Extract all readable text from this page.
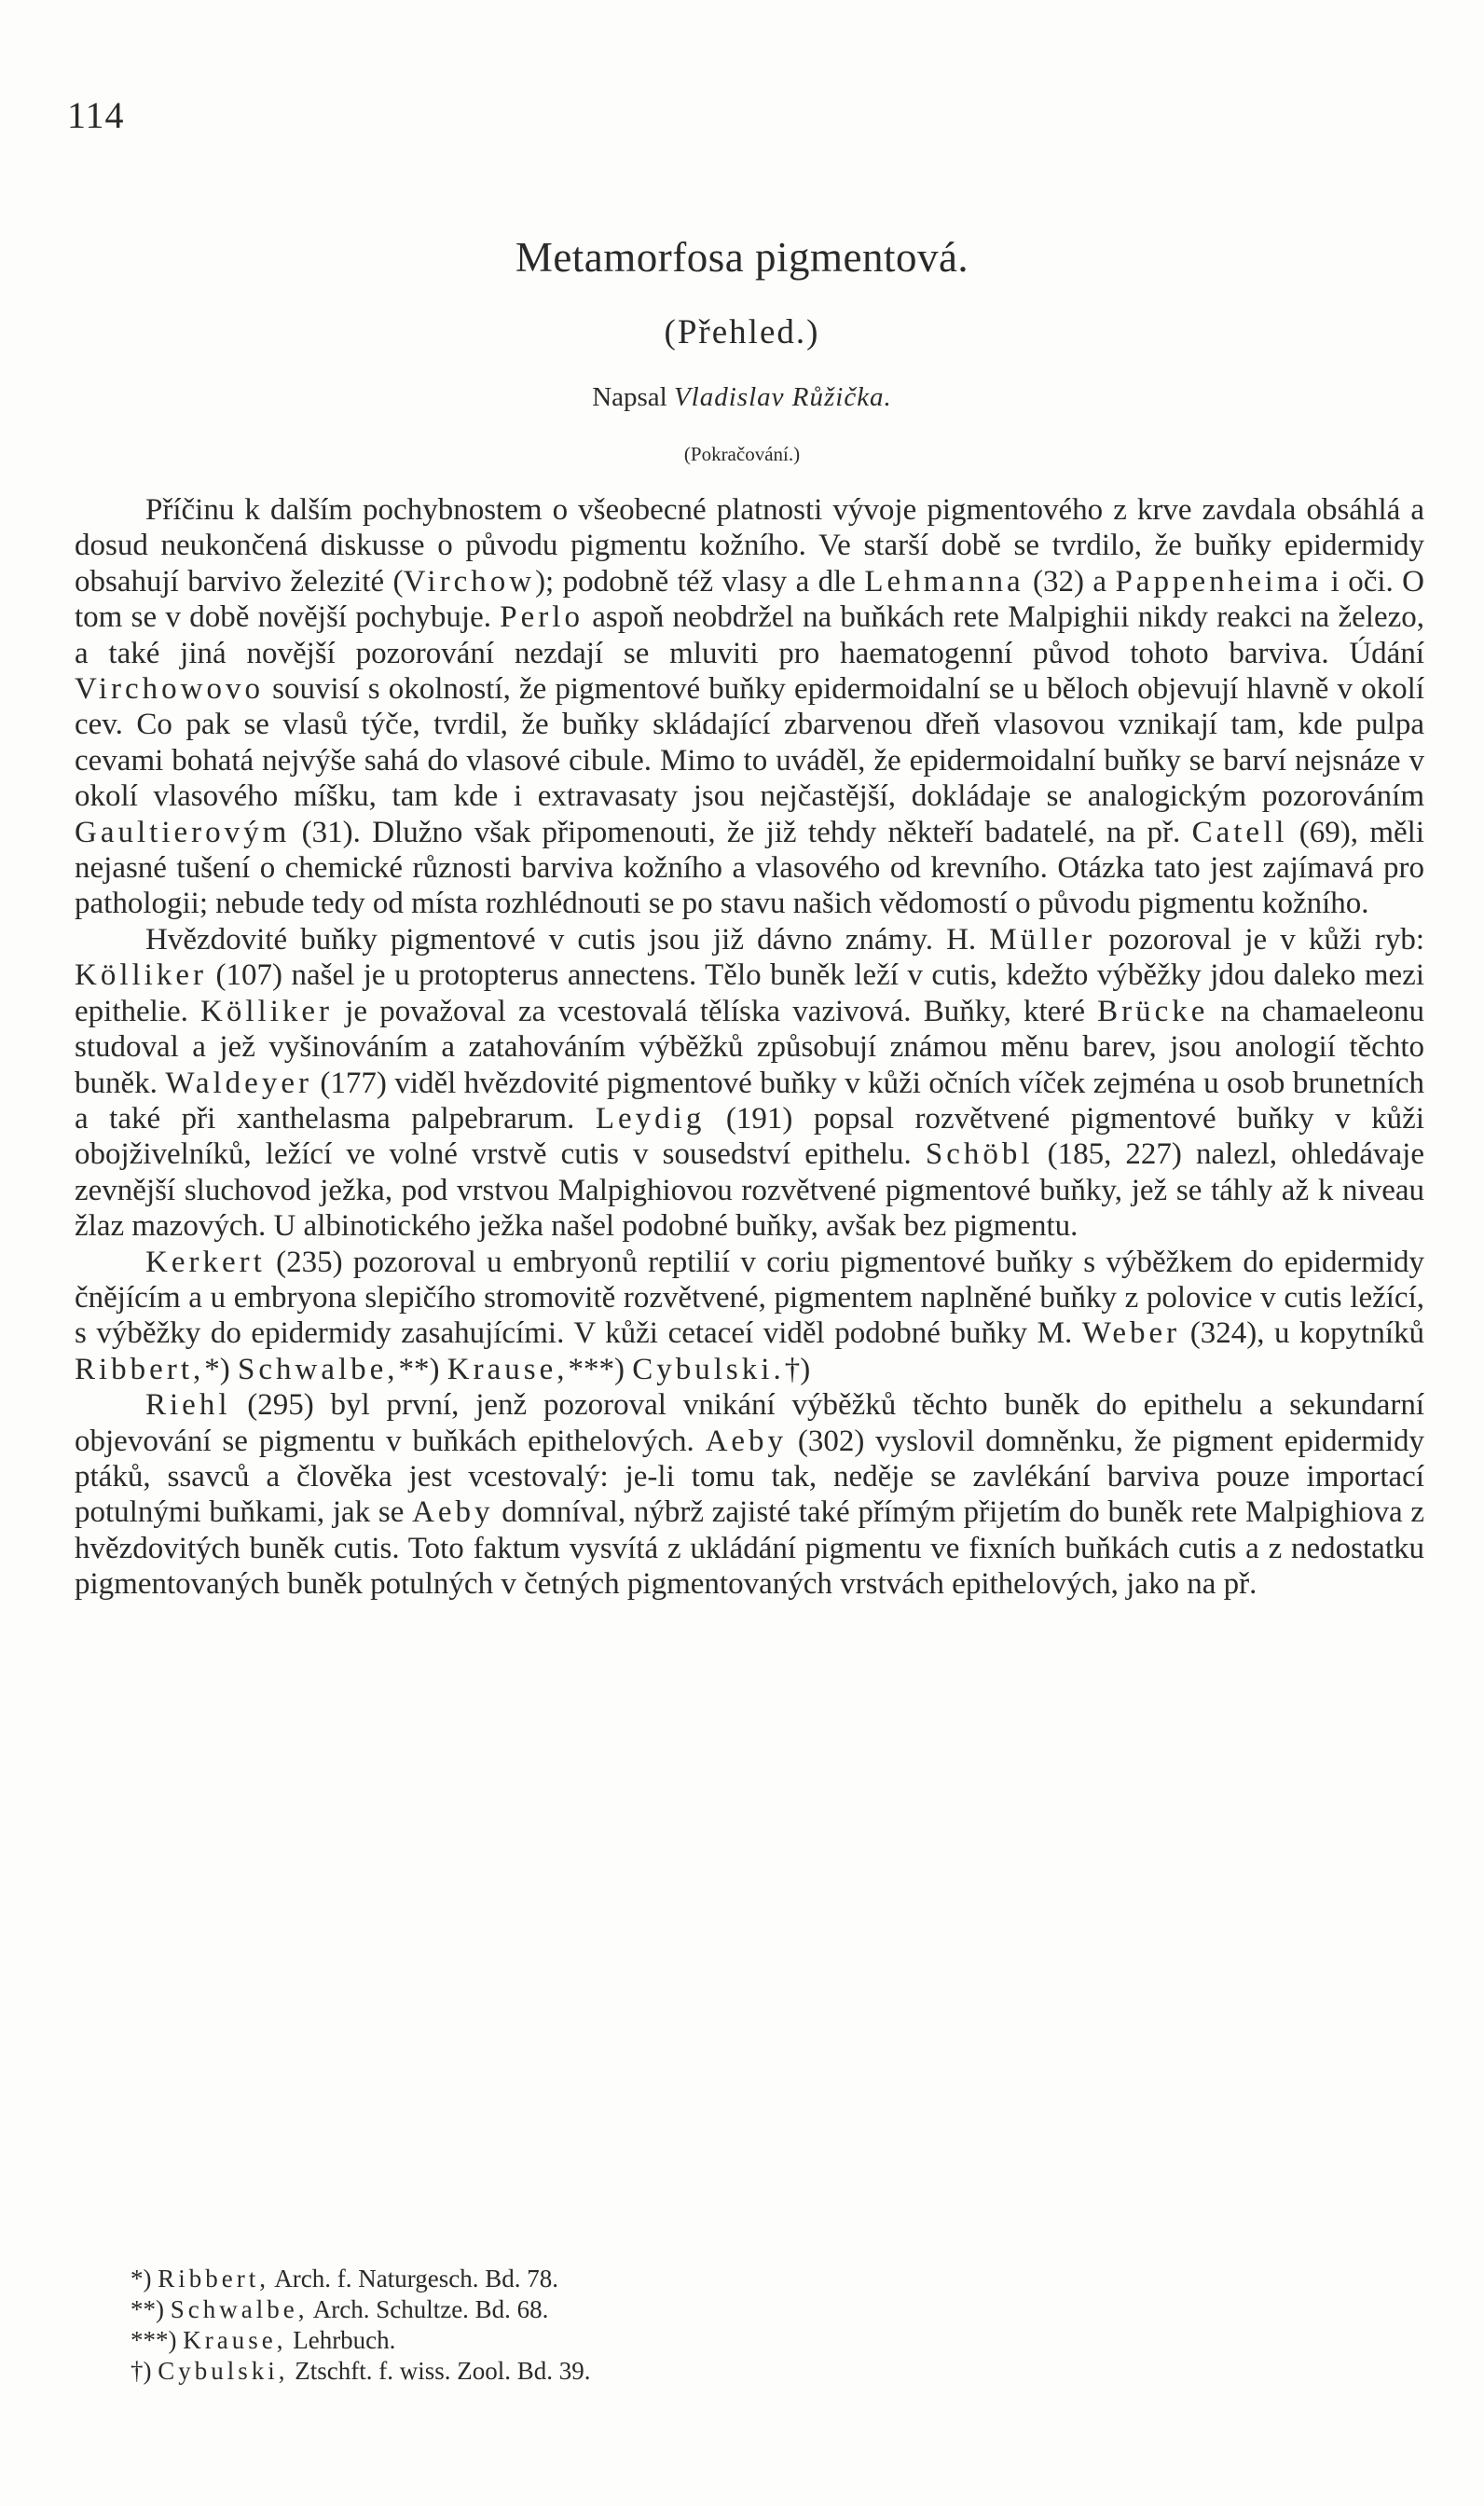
114
Metamorfosa pigmentová.
(Přehled.)
Napsal Vladislav Růžička.
(Pokračování.)

Příčinu k dalším pochybnostem o všeobecné platnosti vývoje pigmentového z krve zavdala obsáhlá a dosud neukončená diskusse o původu pigmentu kožního. Ve starší době se tvrdilo, že buňky epidermidy obsahují barvivo železité (Virchow); podobně též vlasy a dle Lehmanna (32) a Pappenheima i oči. O tom se v době novější pochybuje. Perlo aspoň neobdržel na buňkách rete Malpighii nikdy reakci na železo, a také jiná novější pozorování nezdají se mluviti pro haematogenní původ tohoto barviva. Údání Virchowovo souvisí s okolností, že pigmentové buňky epidermoidalní se u běloch objevují hlavně v okolí cev. Co pak se vlasů týče, tvrdil, že buňky skládající zbarvenou dřeň vlasovou vznikají tam, kde pulpa cevami bohatá nejvýše sahá do vlasové cibule. Mimo to uváděl, že epidermoidalní buňky se barví nejsnáze v okolí vlasového míšku, tam kde i extravasaty jsou nejčastější, dokládaje se analogickým pozorováním Gaultierovým (31). Dlužno však připomenouti, že již tehdy někteří badatelé, na př. Catell (69), měli nejasné tušení o chemické různosti barviva kožního a vlasového od krevního. Otázka tato jest zajímavá pro pathologii; nebude tedy od místa rozhlédnouti se po stavu našich vědomostí o původu pigmentu kožního.

Hvězdovité buňky pigmentové v cutis jsou již dávno známy. H. Müller pozoroval je v kůži ryb: Kölliker (107) našel je u protopterus annectens. Tělo buněk leží v cutis, kdežto výběžky jdou daleko mezi epithelie. Kölliker je považoval za vcestovalá tělíska vazivová. Buňky, které Brücke na chamaeleonu studoval a jež vyšinováním a zatahováním výběžků způsobují známou měnu barev, jsou anologií těchto buněk. Waldeyer (177) viděl hvězdovité pigmentové buňky v kůži očních víček zejména u osob brunetních a také při xanthelasma palpebrarum. Leydig (191) popsal rozvětvené pigmentové buňky v kůži obojživelníků, ležící ve volné vrstvě cutis v sousedství epithelu. Schöbl (185, 227) nalezl, ohledávaje zevnější sluchovod ježka, pod vrstvou Malpighiovou rozvětvené pigmentové buňky, jež se táhly až k niveau žlaz mazových. U albinotického ježka našel podobné buňky, avšak bez pigmentu.

Kerkert (235) pozoroval u embryonů reptilií v coriu pigmentové buňky s výběžkem do epidermidy čnějícím a u embryona slepičího stromovitě rozvětvené, pigmentem naplněné buňky z polovice v cutis ležící, s výběžky do epidermidy zasahujícími. V kůži cetaceí viděl podobné buňky M. Weber (324), u kopytníků Ribbert,*) Schwalbe,**) Krause,***) Cybulski.†)

Riehl (295) byl první, jenž pozoroval vnikání výběžků těchto buněk do epithelu a sekundarní objevování se pigmentu v buňkách epithelových. Aeby (302) vyslovil domněnku, že pigment epidermidy ptáků, ssavců a člověka jest vcestovalý: je-li tomu tak, neděje se zavlékání barviva pouze importací potulnými buňkami, jak se Aeby domníval, nýbrž zajisté také přímým přijetím do buněk rete Malpighiova z hvězdovitých buněk cutis. Toto faktum vysvítá z ukládání pigmentu ve fixních buňkách cutis a z nedostatku pigmentovaných buněk potulných v četných pigmentovaných vrstvách epithelových, jako na př.

*) Ribbert, Arch. f. Naturgesch. Bd. 78.
**) Schwalbe, Arch. Schultze. Bd. 68.
***) Krause, Lehrbuch.
†) Cybulski, Ztschft. f. wiss. Zool. Bd. 39.
